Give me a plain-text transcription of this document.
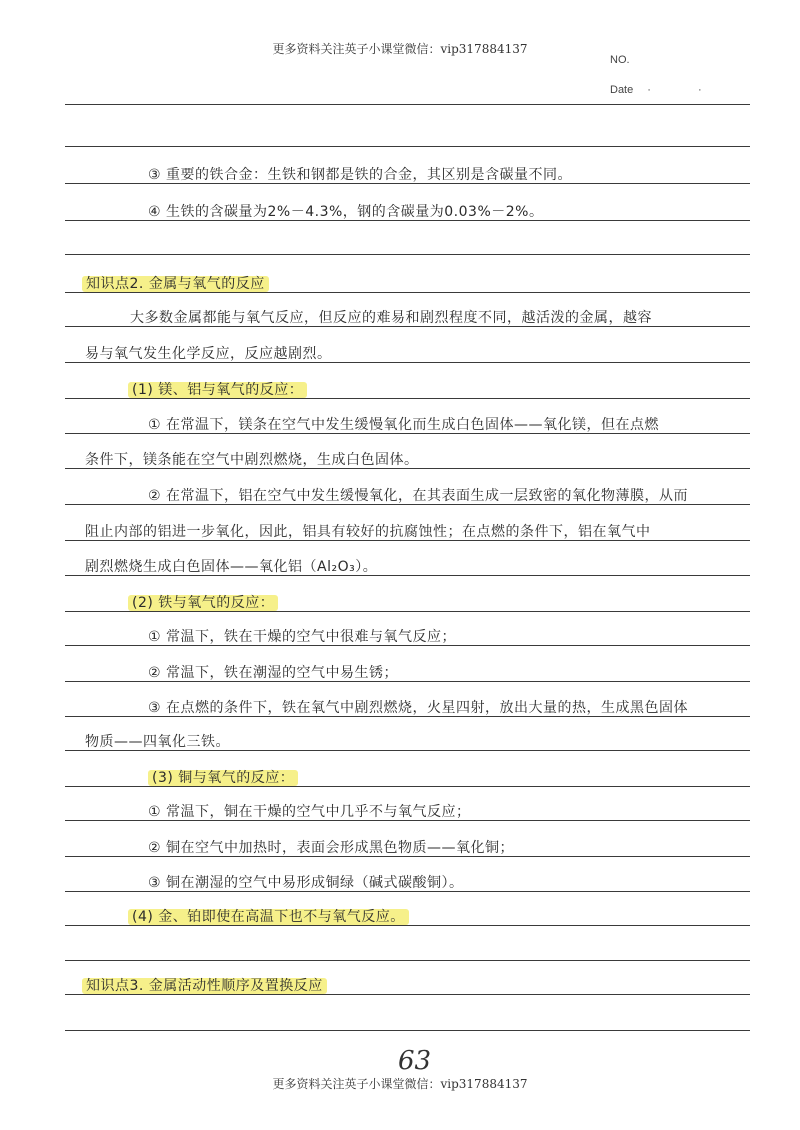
更多资料关注英子小课堂微信：vip317884137
NO.
Date · ·
③ 重要的铁合金：生铁和钢都是铁的合金，其区别是含碳量不同。
④ 生铁的含碳量为2%－4.3%，钢的含碳量为0.03%－2%。
知识点2. 金属与氧气的反应
大多数金属都能与氧气反应，但反应的难易和剧烈程度不同，越活泼的金属，越容
易与氧气发生化学反应，反应越剧烈。
(1) 镁、铝与氧气的反应：
① 在常温下，镁条在空气中发生缓慢氧化而生成白色固体——氧化镁，但在点燃
条件下，镁条能在空气中剧烈燃烧，生成白色固体。
② 在常温下，铝在空气中发生缓慢氧化，在其表面生成一层致密的氧化物薄膜，从而
阻止内部的铝进一步氧化，因此，铝具有较好的抗腐蚀性；在点燃的条件下，铝在氧气中
剧烈燃烧生成白色固体——氧化铝（Al₂O₃）。
(2) 铁与氧气的反应：
① 常温下，铁在干燥的空气中很难与氧气反应；
② 常温下，铁在潮湿的空气中易生锈；
③ 在点燃的条件下，铁在氧气中剧烈燃烧，火星四射，放出大量的热，生成黑色固体
物质——四氧化三铁。
(3) 铜与氧气的反应：
① 常温下，铜在干燥的空气中几乎不与氧气反应；
② 铜在空气中加热时，表面会形成黑色物质——氧化铜；
③ 铜在潮湿的空气中易形成铜绿（碱式碳酸铜）。
(4) 金、铂即使在高温下也不与氧气反应。
知识点3. 金属活动性顺序及置换反应
63
更多资料关注英子小课堂微信：vip317884137
